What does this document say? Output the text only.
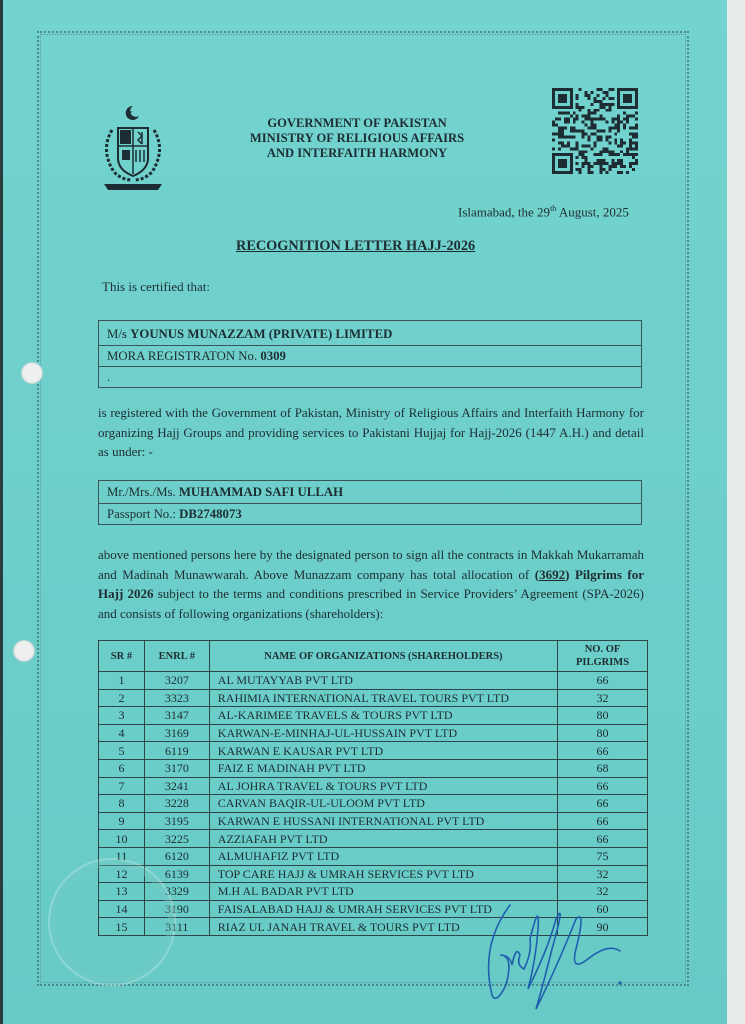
GOVERNMENT OF PAKISTAN
MINISTRY OF RELIGIOUS AFFAIRS
AND INTERFAITH HARMONY
Islamabad, the 29th August, 2025
RECOGNITION LETTER HAJJ-2026
This is certified that:
M/s YOUNUS MUNAZZAM (PRIVATE) LIMITED
MORA REGISTRATON No. 0309
.
is registered with the Government of Pakistan, Ministry of Religious Affairs and Interfaith Harmony for organizing Hajj Groups and providing services to Pakistani Hujjaj for Hajj-2026 (1447 A.H.) and detail as under: -
Mr./Mrs./Ms. MUHAMMAD SAFI ULLAH
Passport No.: DB2748073
above mentioned persons here by the designated person to sign all the contracts in Makkah Mukarramah and Madinah Munawwarah. Above Munazzam company has total allocation of (3692) Pilgrims for Hajj 2026 subject to the terms and conditions prescribed in Service Providers’ Agreement (SPA-2026) and consists of following organizations (shareholders):
SR #	ENRL #	NAME OF ORGANIZATIONS (SHAREHOLDERS)	NO. OF PILGRIMS
1	3207	AL MUTAYYAB PVT LTD	66
2	3323	RAHIMIA INTERNATIONAL TRAVEL TOURS PVT LTD	32
3	3147	AL-KARIMEE TRAVELS & TOURS PVT LTD	80
4	3169	KARWAN-E-MINHAJ-UL-HUSSAIN PVT LTD	80
5	6119	KARWAN E KAUSAR PVT LTD	66
6	3170	FAIZ E MADINAH PVT LTD	68
7	3241	AL JOHRA TRAVEL & TOURS PVT LTD	66
8	3228	CARVAN BAQIR-UL-ULOOM PVT LTD	66
9	3195	KARWAN E HUSSANI INTERNATIONAL PVT LTD	66
10	3225	AZZIAFAH PVT LTD	66
11	6120	ALMUHAFIZ PVT LTD	75
12	6139	TOP CARE HAJJ & UMRAH SERVICES PVT LTD	32
13	3329	M.H AL BADAR PVT LTD	32
14	3190	FAISALABAD HAJJ & UMRAH SERVICES PVT LTD	60
15	3111	RIAZ UL JANAH TRAVEL & TOURS PVT LTD	90
